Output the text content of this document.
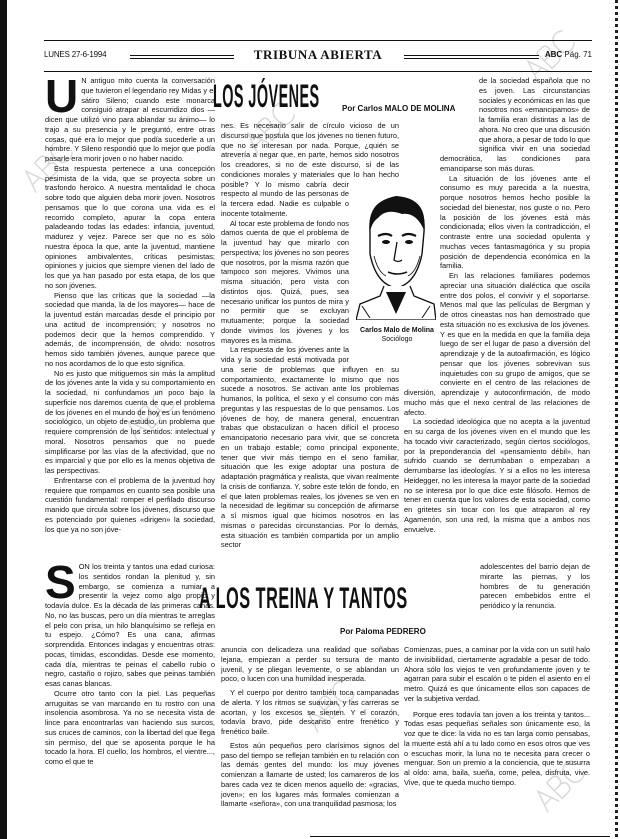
LUNES 27-6-1994	TRIBUNA ABIERTA	ABC Pág. 71
LOS JÓVENES	Por Carlos MALO DE MOLINA
U N antiguo mito cuenta la conversación que tuvieron el legendario rey Midas y el sátiro Sileno; cuando este monarca consiguió atrapar al escurridizo dios —dicen que utilizó vino para ablandar su ánimo— lo trajo a su presencia y le preguntó, entre otras cosas, qué era lo mejor que podía sucederle a un hombre. Y Sileno respondió que lo mejor que podía pasarle era morir joven o no haber nacido.

Esta respuesta pertenece a una concepción pesimista de la vida, que se proyecta sobre un trasfondo heroico. A nuestra mentalidad le choca sobre todo que alguien deba morir joven. Nosotros pensamos que lo que corona una vida es el recorrido completo, apurar la copa entera paladeando todas las edades: infancia, juventud, madurez y vejez. Parece ser que no es sólo nuestra época la que, ante la juventud, mantiene opiniones ambivalentes, críticas pesimistas; opiniones y juicios que siempre vienen del lado de los que ya han pasado por esta etapa, de los que no son jóvenes.

Pienso que las críticas que la sociedad —la sociedad que manda, la de los mayores— hace de la juventud están marcadas desde el principio por una actitud de incomprensión; y nosotros no podemos decir que la hemos comprendido. Y además, de incomprensión, de olvido: nosotros hemos sido también jóvenes, aunque parece que no nos acordamos de lo que esto significa.

No es justo que mitiguemos sin más la amplitud de los jóvenes ante la vida y su comportamiento en la sociedad, ni confundamos un poco bajo la superficie nos daremos cuenta de que el problema de los jóvenes en el mundo de hoy es un fenómeno sociológico, un objeto de estudio, un problema que requiere comprensión de los sentidos: intelectual y moral. Nosotros pensamos que no puede simplificarse por las vías de la afectividad, que no es imparcial y que por ello es la menos objetiva de las perspectivas.

Enfrentarse con el problema de la juventud hoy requiere que rompamos en cuanto sea posible una cuestión fundamental: romper el perfilado discurso manido que circula sobre los jóvenes, discurso que es potenciado por quienes «dirigen» la sociedad, los que ya no son jóve-

nes. Es necesario salir de círculo vicioso de un discurso que postula que los jóvenes no tienen futuro, que no se interesan por nada. Porque, ¿quién se atrevería a negar que, en parte, hemos sido nosotros los creadores, si no de este discurso, sí de las condiciones morales y materiales que lo han hecho posible? Y lo mismo cabría decir respecto al mundo de las personas de la tercera edad. Nadie es culpable o inocente totalmente.

Al tocar este problema de fondo nos damos cuenta de que el problema de la juventud hay que mirarlo con perspectiva; los jóvenes no son peores que nosotros, por la misma razón que tampoco son mejores. Vivimos una misma situación, pero vista con distintos ojos. Quizá, pues, sea necesario unificar los puntos de mira y no permitir que se excluyan mutuamente; porque la sociedad donde vivimos los jóvenes y los mayores es la misma.

La respuesta de los jóvenes ante la vida y la sociedad está motivada por una serie de problemas que influyen en su comportamiento, exactamente lo mismo que nos sucede a nosotros. Se activan ante los problemas humanos, la política, el sexo y el consumo con más preguntas y las respuestas de lo que pensamos. Los jóvenes de hoy, de manera general, encuentran trabas que obstaculizan o hacen difícil el proceso emancipatorio necesario para vivir, que se concreta en un trabajo estable; como principal exponente, tener que vivir más tiempo en el seno familiar, situación que les exige adoptar una postura de adaptación pragmática y realista, que vivan realmente la crisis de confianza. Y, sobre este telón de fondo, en el que laten problemas reales, los jóvenes se ven en la necesidad de legitimar su concepción de afirmarse a sí mismos igual que hicimos nosotros en las mismas o parecidas circunstancias. Por lo demás, esta situación es también compartida por un amplio sector

de la sociedad española que no es joven. Las circunstancias sociales y económicas en las que nosotros nos «emancipamos» de la familia eran distintas a las de ahora. No creo que una discusión que ahora, a pesar de todo lo que significa vivir en una sociedad democrática, las condiciones para emanciparse son más duras.

La situación de los jóvenes ante el consumo es muy parecida a la nuestra, porque nosotros hemos hecho posible la sociedad del bienestar, nos guste o no. Pero la posición de los jóvenes está más condicionada; ellos viven la contradicción, el contraste entre una sociedad opulenta y muchas veces fantasmagórica y su propia posición de dependencia económica en la familia.

En las relaciones familiares podemos apreciar una situación dialéctica que oscila entre dos polos, el convivir y el soportarse. Menos mal que las películas de Bergman y de otros cineastas nos han demostrado que esta situación no es exclusiva de los jóvenes. Y es que en la medida en que la familia deja luego de ser el lugar de paso a diversión del aprendizaje y de la autoafirmación, es lógico pensar que los jóvenes sobrevivan sus inquietudes con su grupo de amigos, que se convierte en el centro de las relaciones de diversión, aprendizaje y autoconfirmación, de modo mucho más que el nexo central de las relaciones de afecto.

La sociedad ideológica que no acepta a la juventud en su carga de los jóvenes viven en el mundo que les ha tocado vivir caracterizado, según ciertos sociólogos, por la preponderancia del «pensamiento débil», han sufrido cuando se derrumbaban o empezaban a derrumbarse las ideologías. Y si a ellos no les interesa Heidegger, no les interesa la mayor parte de la sociedad no se interesa por lo que dice este filósofo. Hemos de tener en cuenta que los valores de esta sociedad, como en gritetes sin tocar con los que atraparon al rey Agamenón, son una red, la misma que a ambos nos envuelve.

Carlos Malo de Molina
Sociólogo
A LOS TREINA Y TANTOS
Por Paloma PEDRERO
S ON los treinta y tantos una edad curiosa: los sentidos rondan la plenitud y, sin embargo, se comienza a rumiar, a presentir la vejez como algo propio y todavía dulce. Es la década de las primeras canas. No, no las buscas, pero un día mientras te arreglas el pelo con prisa, un hilo blanquísimo se refleja en tu espejo. ¿Cómo? Es una cana, afirmas sorprendida. Entonces indagas y encuentras otras: pocas, tímidas, escondidas. Desde ese momento, cada día, mientras te peinas el cabello rubio o negro, castaño o rojizo, sabes que peinas también esas canas blancas.

Ocurre otro tanto con la piel. Las pequeñas arruguitas se van marcando en tu rostro con una insolencia asombrosa. Ya no se necesita vista de lince para encontrarlas van haciendo sus surcos, sus cruces de caminos, con la libertad del que llega sin permiso, del que se aposenta porque le ha tocado la hora. El cuello, los hombros, el vientre..., como el que te

anuncia con delicadeza una realidad que soñabas lejana, empiezan a perder su tersura de manto juvenil, y se pliegan levemente, o se ablandan un poco, o lucen con una humildad inesperada.

Y el cuerpo por dentro también toca campanadas de alerta. Y los ritmos se suavizan, y las carreras se acortan, y los excesos se sienten. Y el corazón, todavía bravo, pide descanso entre frenético y frenético baile.

Estos aún pequeños pero clarísimos signos del paso del tiempo se reflejan también en tu relación con las demás gentes del mundo: los muy jóvenes comienzan a llamarte de usted; los camareros de los bares cada vez te dicen menos aquello de: «gracias, joven»; en los lugares más formales comienzan a llamarte «señora», con una tranquilidad pasmosa; los

adolescentes del barrio dejan de mirarte las piernas, y los hombres de tu generación parecen embebidos entre el periódico y la renuncia.

Comienzas, pues, a caminar por la vida con un sutil halo de invisibilidad, ciertamente agradable a pesar de todo. Ahora sólo los viejos te ven profundamente joven y te agarran para subir el escalón o te piden el asiento en el metro. Quizá es que únicamente ellos son capaces de ver la subjetiva verdad.

Porque eres todavía tan joven a los treinta y tantos... Todas esas pequeñas señales son únicamente eso, la voz que te dice: la vida no es tan larga como pensabas, la muerte está ahí a tu lado como en esos otros que ves o escuchas morir, la luna no te necesita para crecer o menguar. Son un premio a la conciencia, que te susurra al oído: ama, baila, sueña, come, pelea, disfruta, vive. Vive, que te queda mucho tiempo.
